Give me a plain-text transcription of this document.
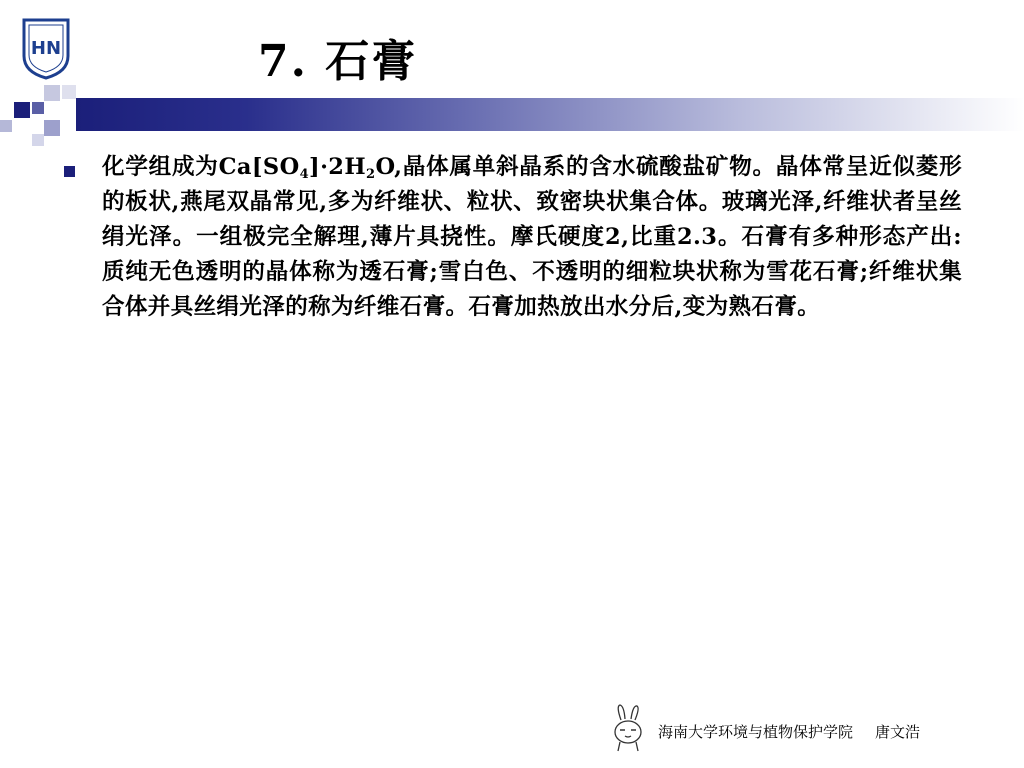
HN	7. 石膏

化学组成为$Ca[SO_4]\cdot 2H_2O$,晶体属单斜晶系的含水硫酸盐矿物。晶体常呈近似菱形的板状,燕尾双晶常见,多为纤维状、粒状、致密块状集合体。玻璃光泽,纤维状者呈丝绢光泽。一组极完全解理,薄片具挠性。摩氏硬度2,比重2.3。石膏有多种形态产出:质纯无色透明的晶体称为透石膏;雪白色、不透明的细粒块状称为雪花石膏;纤维状集合体并具丝绢光泽的称为纤维石膏。石膏加热放出水分后,变为熟石膏。

海南大学环境与植物保护学院 唐文浩
